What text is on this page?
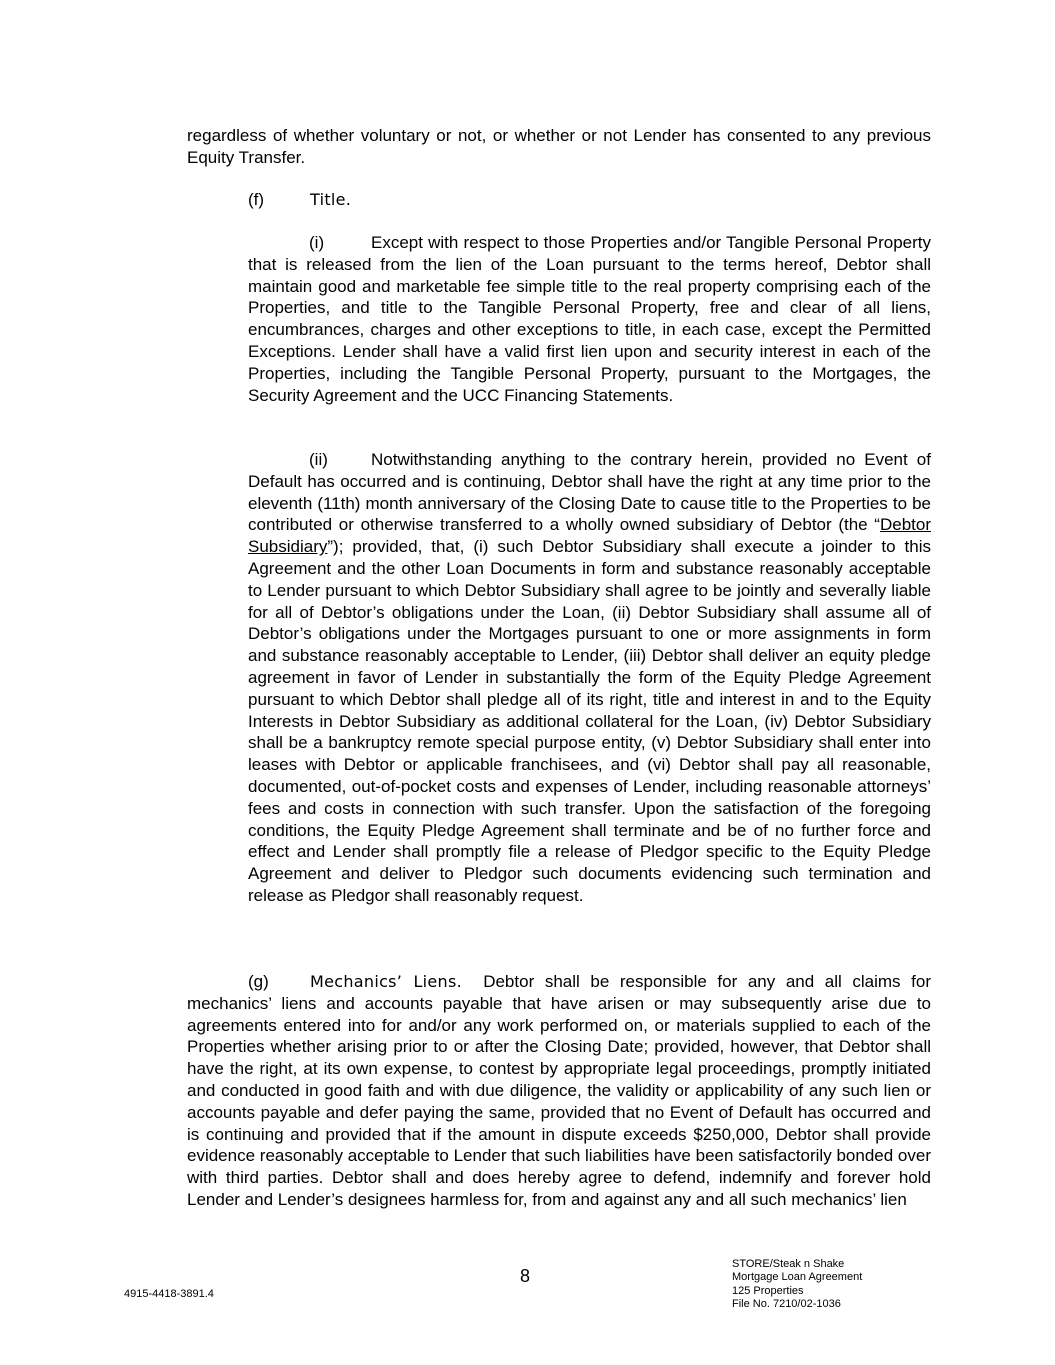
regardless of whether voluntary or not, or whether or not Lender has consented to any previous Equity Transfer.

(f)	Title.

(i)	Except with respect to those Properties and/or Tangible Personal Property that is released from the lien of the Loan pursuant to the terms hereof, Debtor shall maintain good and marketable fee simple title to the real property comprising each of the Properties, and title to the Tangible Personal Property, free and clear of all liens, encumbrances, charges and other exceptions to title, in each case, except the Permitted Exceptions. Lender shall have a valid first lien upon and security interest in each of the Properties, including the Tangible Personal Property, pursuant to the Mortgages, the Security Agreement and the UCC Financing Statements.

(ii)	Notwithstanding anything to the contrary herein, provided no Event of Default has occurred and is continuing, Debtor shall have the right at any time prior to the eleventh (11th) month anniversary of the Closing Date to cause title to the Properties to be contributed or otherwise transferred to a wholly owned subsidiary of Debtor (the “Debtor Subsidiary”); provided, that, (i) such Debtor Subsidiary shall execute a joinder to this Agreement and the other Loan Documents in form and substance reasonably acceptable to Lender pursuant to which Debtor Subsidiary shall agree to be jointly and severally liable for all of Debtor’s obligations under the Loan, (ii) Debtor Subsidiary shall assume all of Debtor’s obligations under the Mortgages pursuant to one or more assignments in form and substance reasonably acceptable to Lender, (iii) Debtor shall deliver an equity pledge agreement in favor of Lender in substantially the form of the Equity Pledge Agreement pursuant to which Debtor shall pledge all of its right, title and interest in and to the Equity Interests in Debtor Subsidiary as additional collateral for the Loan, (iv) Debtor Subsidiary shall be a bankruptcy remote special purpose entity, (v) Debtor Subsidiary shall enter into leases with Debtor or applicable franchisees, and (vi) Debtor shall pay all reasonable, documented, out-of-pocket costs and expenses of Lender, including reasonable attorneys’ fees and costs in connection with such transfer. Upon the satisfaction of the foregoing conditions, the Equity Pledge Agreement shall terminate and be of no further force and effect and Lender shall promptly file a release of Pledgor specific to the Equity Pledge Agreement and deliver to Pledgor such documents evidencing such termination and release as Pledgor shall reasonably request.

(g)	Mechanics’ Liens. Debtor shall be responsible for any and all claims for mechanics’ liens and accounts payable that have arisen or may subsequently arise due to agreements entered into for and/or any work performed on, or materials supplied to each of the Properties whether arising prior to or after the Closing Date; provided, however, that Debtor shall have the right, at its own expense, to contest by appropriate legal proceedings, promptly initiated and conducted in good faith and with due diligence, the validity or applicability of any such lien or accounts payable and defer paying the same, provided that no Event of Default has occurred and is continuing and provided that if the amount in dispute exceeds $250,000, Debtor shall provide evidence reasonably acceptable to Lender that such liabilities have been satisfactorily bonded over with third parties. Debtor shall and does hereby agree to defend, indemnify and forever hold Lender and Lender’s designees harmless for, from and against any and all such mechanics’ lien

4915-4418-3891.4
8
STORE/Steak n Shake
Mortgage Loan Agreement
125 Properties
File No. 7210/02-1036
